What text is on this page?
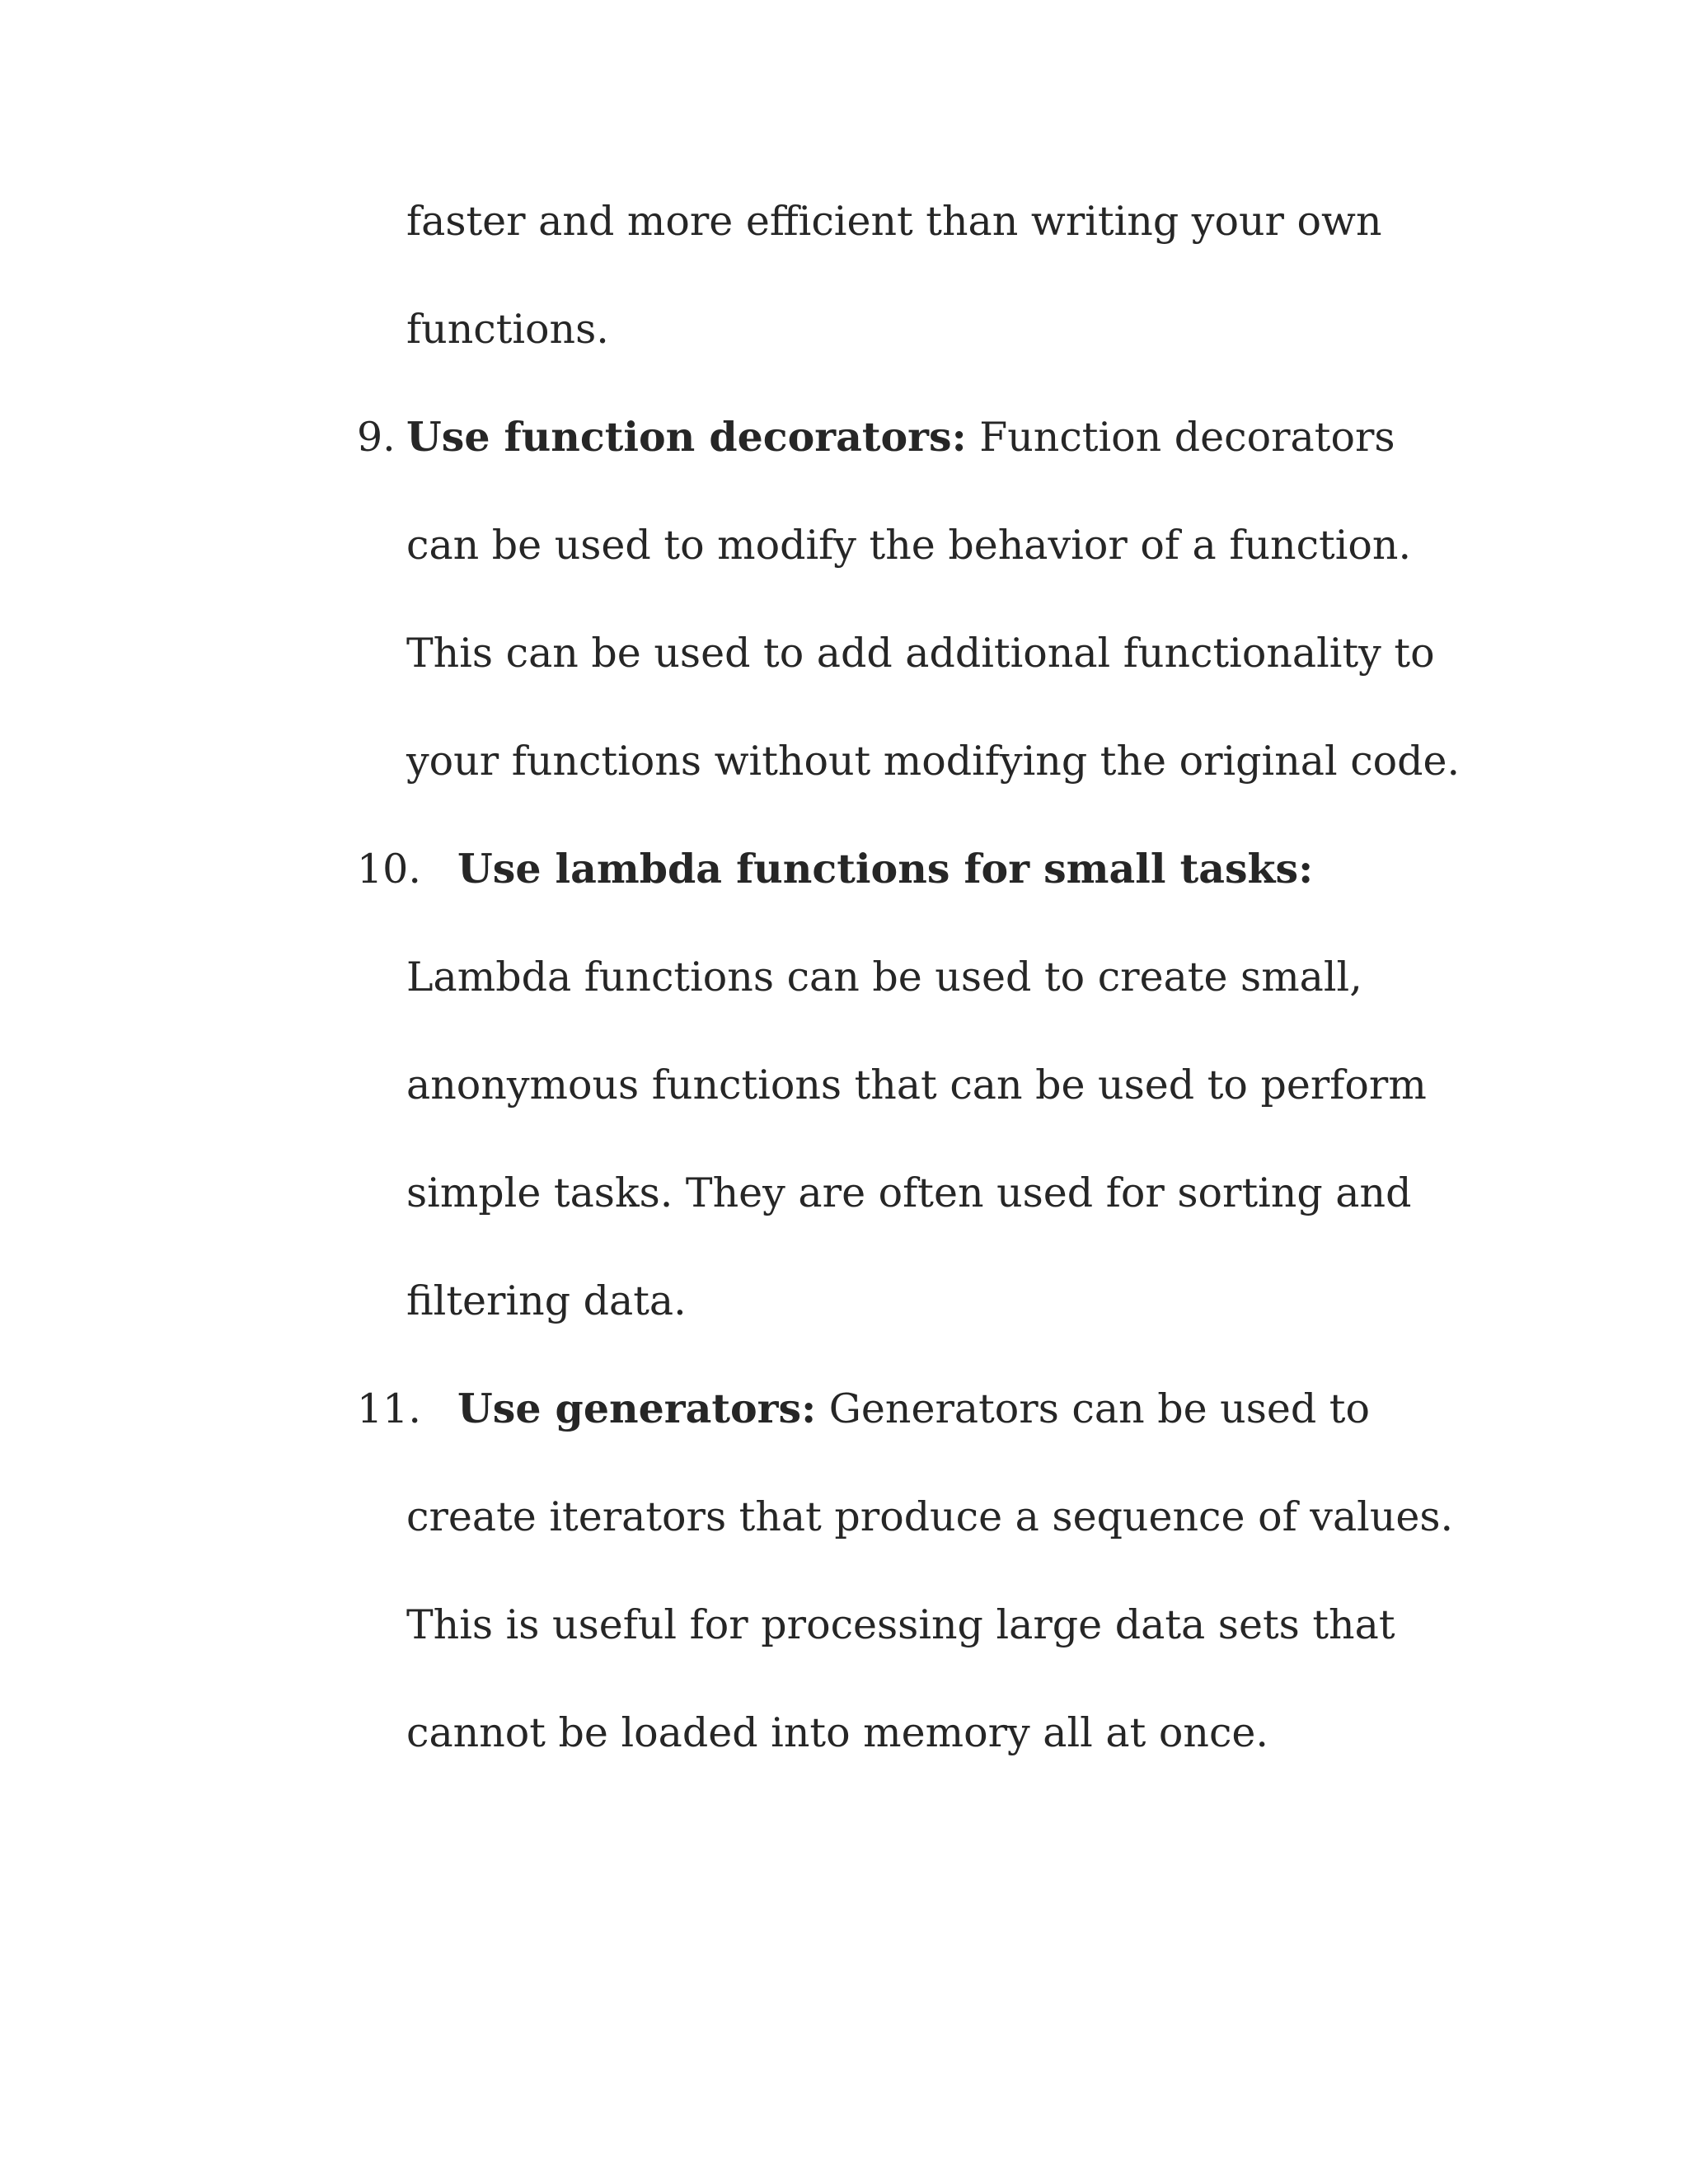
faster and more efficient than writing your own
functions.
9. Use function decorators: Function decorators
can be used to modify the behavior of a function.
This can be used to add additional functionality to
your functions without modifying the original code.
10. Use lambda functions for small tasks:
Lambda functions can be used to create small,
anonymous functions that can be used to perform
simple tasks. They are often used for sorting and
filtering data.
11. Use generators: Generators can be used to
create iterators that produce a sequence of values.
This is useful for processing large data sets that
cannot be loaded into memory all at once.
